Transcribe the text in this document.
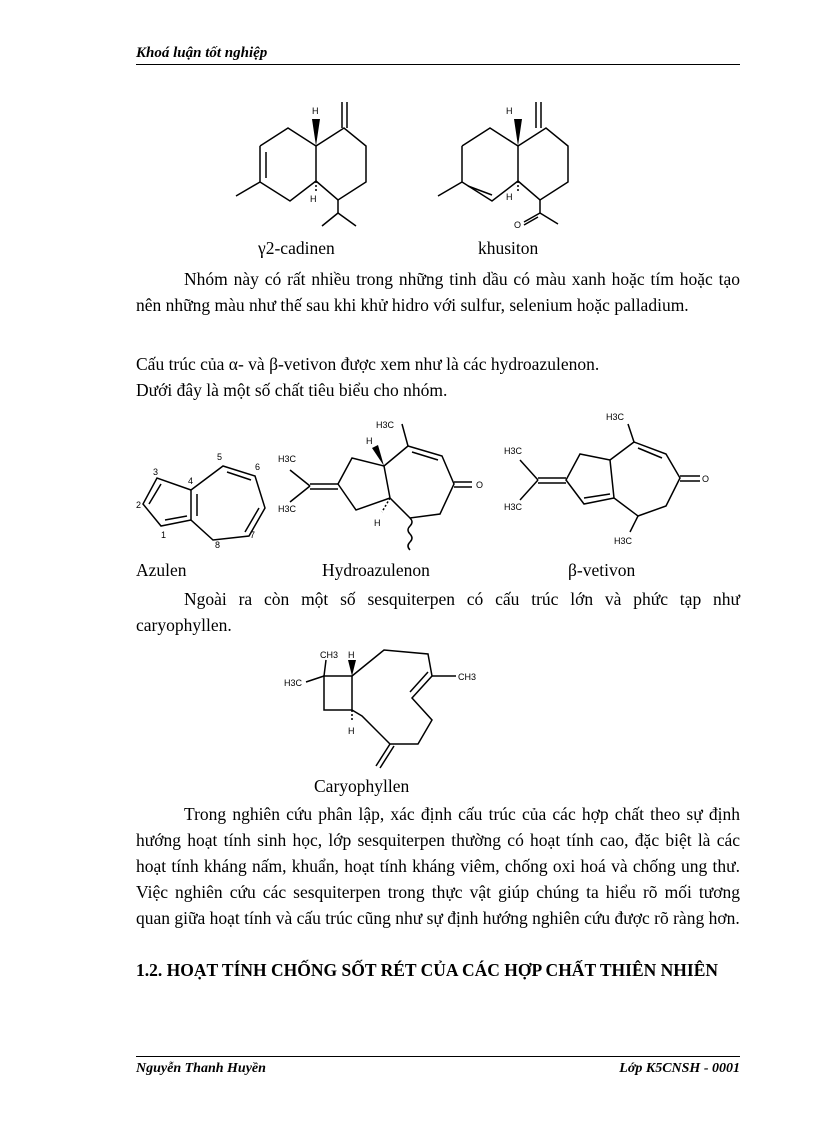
Khoá luận tốt nghiệp
H
H
H
H
O
γ2-cadinen	khusiton
Nhóm này có rất nhiều trong những tinh dầu có màu xanh hoặc tím hoặc tạo nên những màu như thế sau khi khử hidro với sulfur, selenium hoặc palladium.
Cấu trúc của α- và β-vetivon được xem như là các hydroazulenon.
Dưới đây là một số chất tiêu biểu cho nhóm.
1
2
3
4
5
6
7
8
H3C
H
H3C
H3C
H
O
H3C
H3C
H3C
O
H3C
Azulen	Hydroazulenon	β-vetivon
Ngoài ra còn một số sesquiterpen có cấu trúc lớn và phức tạp như caryophyllen.
CH3 H
H3C
CH3
H
Caryophyllen
Trong nghiên cứu phân lập, xác định cấu trúc của các hợp chất theo sự định hướng hoạt tính sinh học, lớp sesquiterpen thường có hoạt tính cao, đặc biệt là các hoạt tính kháng nấm, khuẩn, hoạt tính kháng viêm, chống oxi hoá và chống ung thư. Việc nghiên cứu các sesquiterpen trong thực vật giúp chúng ta hiểu rõ mối tương quan giữa hoạt tính và cấu trúc cũng như sự định hướng nghiên cứu được rõ ràng hơn.
1.2. HOẠT TÍNH CHỐNG SỐT RÉT CỦA CÁC HỢP CHẤT THIÊN NHIÊN
Nguyễn Thanh Huyền	Lớp K5CNSH - 0001
